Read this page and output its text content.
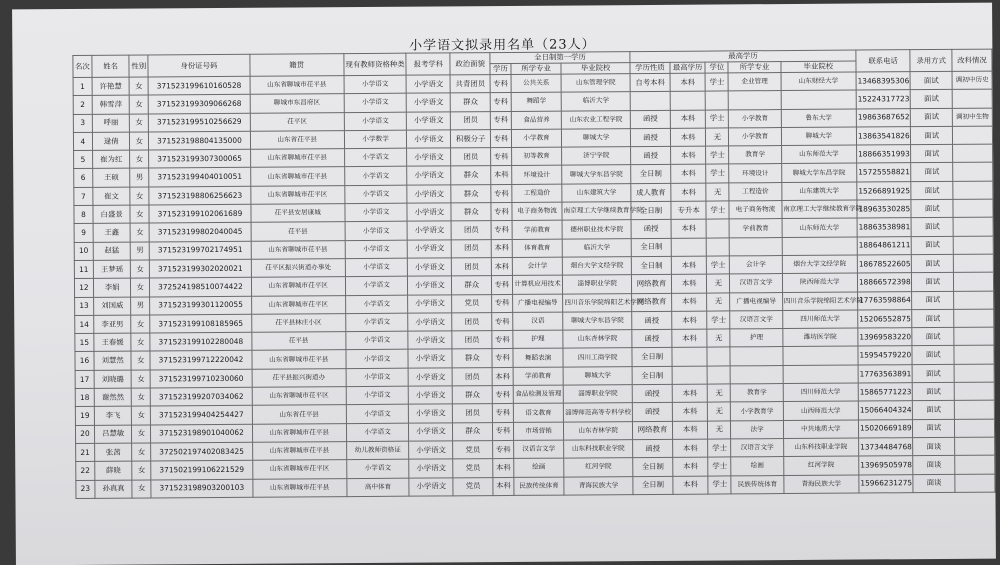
小学语文拟录用名单（23人）
名次	姓名	性别	身份证号码	籍贯	现有教师资格种类	报考学科	政治面貌	全日制第一学历			最高学历					联系电话	录用方式	改科情况
								学历	所学专业	毕业院校	学历性质	最高学历	学位	所学专业	毕业院校			
1	许艳慧	女	371523199610160528	山东省聊城市茌平县	小学语文	小学语文	共青团员	专科	公共关系	山东管理学院	自考本科	本科	学士	企业管理	山东财经大学	13468395306	面试	调初中历史
2	韩雪萍	女	371523199309066268	聊城市东昌府区	小学语文	小学语文	群众	专科	舞蹈学	临沂大学						15224317723	面试	
3	呼丽	女	371523199510256629	茌平区	小学语文	小学语文	团员	专科	食品营养	山东农业工程学院	函授	本科	学士	小学教育	鲁东大学	19863687652	面试	调初中生物
4	逯倩	女	371523198804135000	山东省茌平县	小学数学	小学语文	积极分子	专科	小学教育	聊城大学	函授	本科	无	小学教育	聊城大学	13863541826	面试	
5	崔为红	女	371523199307300065	山东省聊城市茌平县	小学语文	小学语文	团员	专科	初等教育	济宁学院	函授	本科	学士	教育学	山东师范大学	18866351993	面试	
6	王硕	男	371523199404010051	山东省聊城市茌平县	小学语文	小学语文	群众	本科	环境设计	聊城大学东昌学院	全日制	本科	学士	环境设计	聊城大学东昌学院	15725558821	面试	
7	崔文	女	371523198806256623	山东省聊城市茌平区	小学语文	小学语文	群众	专科	工程造价	山东建筑大学	成人教育	本科	无	工程造价	山东建筑大学	15266891925	面试	
8	白盛景	女	371523199102061689	茌平县安居康城	小学语文	小学语文	群众	专科	电子商务物流	南京理工大学继续教育学院	全日制	专升本	学士	电子商务物流	南京理工大学继续教育学院	18963530285	面试	
9	王鑫	女	371523199802040045	茌平县	小学语文	小学语文	团员	专科	学前教育	德州职业技术学院	函授	本科		学前教育	山东师范大学	18863538981	面试	
10	赵猛	男	371523199702174951	山东省聊城市茌平县	小学语文	小学语文	团员	本科	体育教育	临沂大学	全日制					18864861211	面试	
11	王梦瑶	女	371523199302020021	茌平区振兴街道办事处	小学语文	小学语文	团员	本科	会计学	烟台大学文经学院	全日制	本科	学士	会计学	烟台大学文经学院	18678522605	面试	
12	李娟	女	372524198510074422	山东省聊城市茌平区	小学语文	小学语文	群众	专科	计算机应用技术	淄博职业学院	网络教育	本科	无	汉语言文学	陕西师范大学	18866572398	面试	
13	刘国威	男	371523199301120055	山东省聊城市茌平区	小学语文	小学语文	党员	专科	广播电视编导	四川音乐学院绵阳艺术学院	网络教育	本科	无	广播电视编导	四川音乐学院绵阳艺术学院	17763598864	面试	
14	李亚男	女	371523199108185965	茌平县林庄小区	小学语文	小学语文	团员	专科	汉语	聊城大学东昌学院	函授	本科	学士	汉语言文学	四川师范大学	15206552875	面试	
15	王春媛	女	371523199102280048	茌平县	小学语文	小学语文	团员	专科	护理	山东杏林学院	函授	本科	无	护理	潍坊医学院	13969583220	面试	
16	刘慧然	女	371523199712220042	山东省聊城市茌平县	小学语文	小学语文	群众	专科	舞蹈表演	四川工商学院	全日制					15954579220	面试	
17	刘晓璐	女	371523199710230060	茌平县振兴街道办	小学语文	小学语文	团员	本科	学前教育	聊城大学	全日制					17763563891	面试	
18	谢然然	女	371523199207034062	山东省聊城市茌平区	小学语文	小学语文	群众	专科	食品检测及管理	淄博职业学院	函授	本科	无	教育学	四川师范大学	15865771223	面试	
19	李飞	女	371523199404254427	山东省茌平县	小学语文	小学语文	团员	专科	语文教育	淄博师范高等专科学校	函授	本科	无	小学教育学	山西师范大学	15066404324	面试	
20	吕慧敏	女	371523198901040062	山东省聊城市茌平县	小学语文	小学语文	群众	专科	市场营销	山东杏林学院	网络教育	本科	无	法学	中共地质大学	15020669189	面试	
21	张茜	女	372502197402083425	山东省聊城市茌平县	幼儿教师资格证	小学语文	党员	专科	汉语言文学	山东科技职业学院	函授	本科	学士	汉语言文学	山东科技职业学院	13734484768	面谈	
22	薛晓	女	371502199106221529	山东省聊城市茌平区	小学语文	小学语文	党员	本科	绘画	红河学院	全日制	本科	学士	绘画	红河学院	13969505978	面谈	
23	孙真真	女	371523198903200103	山东省聊城市茌平县	高中体育	小学语文	党员	本科	民族传统体育	青海民族大学	全日制	本科	学士	民族传统体育	青海民族大学	15966231275	面谈	
